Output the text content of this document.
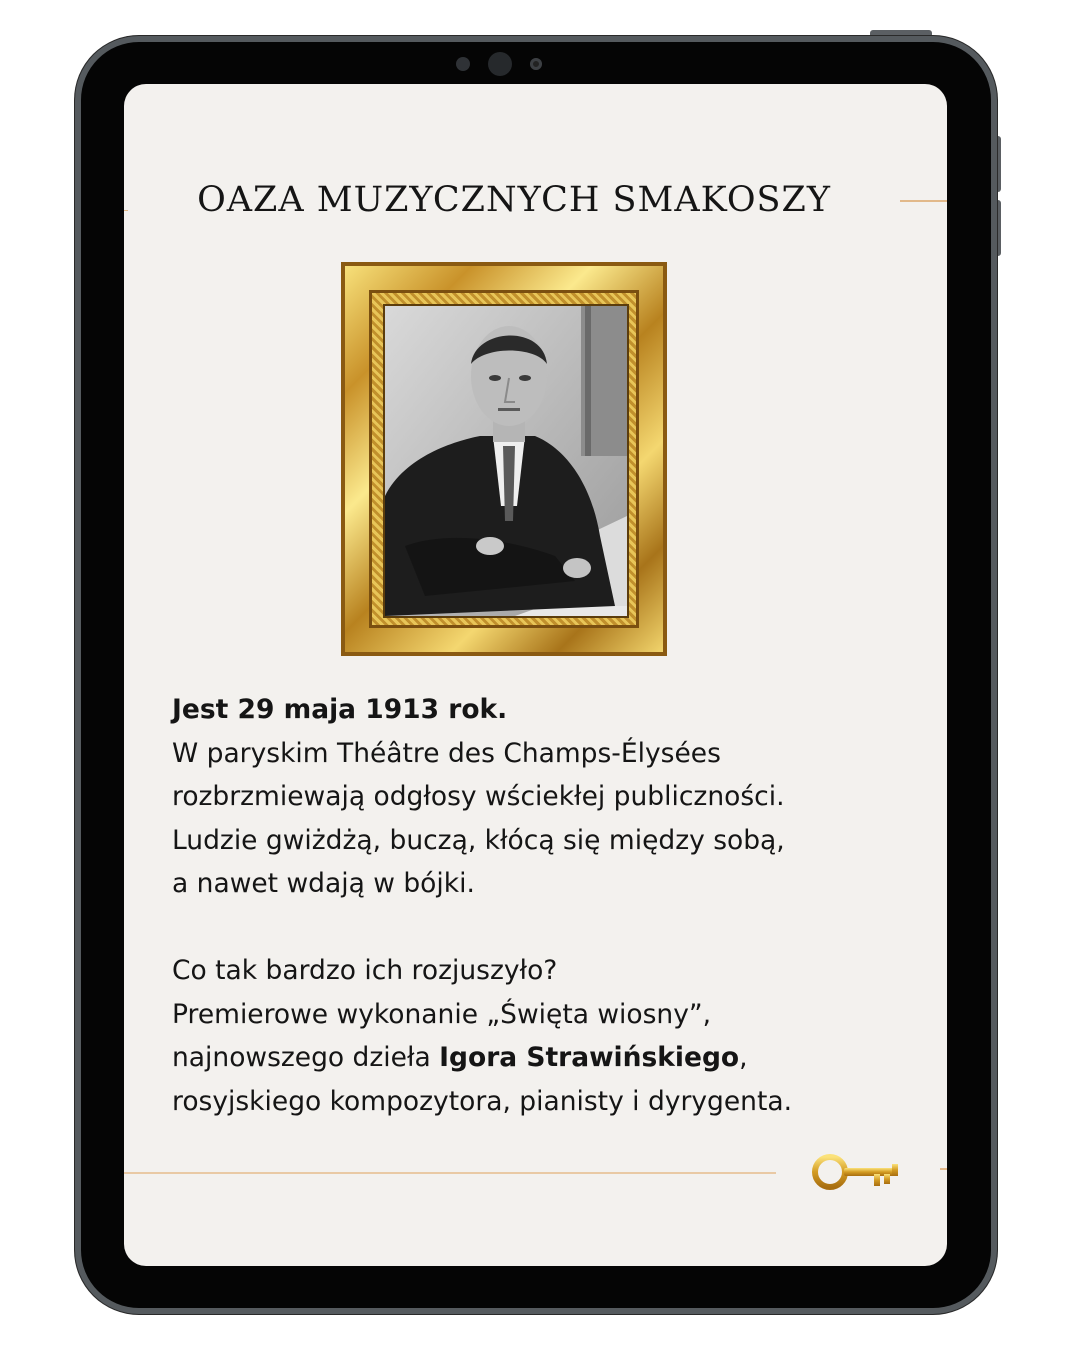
OAZA MUZYCZNYCH SMAKOSZY
Jest 29 maja 1913 rok.
W paryskim Théâtre des Champs-Élysées
rozbrzmiewają odgłosy wściekłej publiczności.
Ludzie gwiżdżą, buczą, kłócą się między sobą,
a nawet wdają w bójki.
Co tak bardzo ich rozjuszyło?
Premierowe wykonanie „Święta wiosny”,
najnowszego dzieła Igora Strawińskiego,
rosyjskiego kompozytora, pianisty i dyrygenta.
